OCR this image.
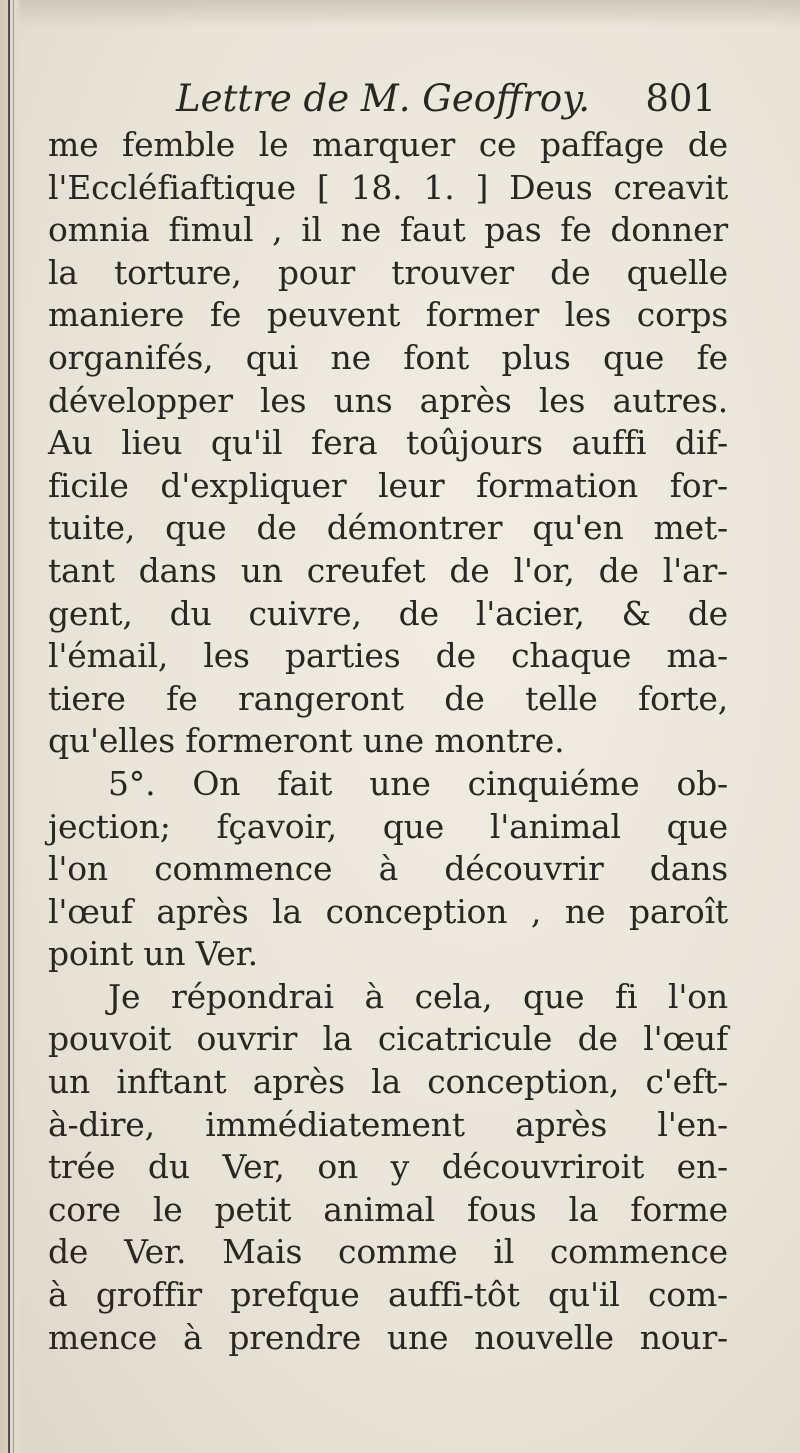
Lettre de M. Geoffroy. 801
me femble le marquer ce paffage de
l'Eccléfiaftique [ 18. 1. ] Deus creavit
omnia fimul , il ne faut pas fe donner
la torture, pour trouver de quelle
maniere fe peuvent former les corps
organifés, qui ne font plus que fe
développer les uns après les autres.
Au lieu qu'il fera toûjours auffi dif-
ficile d'expliquer leur formation for-
tuite, que de démontrer qu'en met-
tant dans un creufet de l'or, de l'ar-
gent, du cuivre, de l'acier, & de
l'émail, les parties de chaque ma-
tiere fe rangeront de telle forte,
qu'elles formeront une montre.
5°. On fait une cinquiéme ob-
jection; fçavoir, que l'animal que
l'on commence à découvrir dans
l'œuf après la conception , ne paroît
point un Ver.
Je répondrai à cela, que fi l'on
pouvoit ouvrir la cicatricule de l'œuf
un inftant après la conception, c'eft-
à-dire, immédiatement après l'en-
trée du Ver, on y découvriroit en-
core le petit animal fous la forme
de Ver. Mais comme il commence
à groffir prefque auffi-tôt qu'il com-
mence à prendre une nouvelle nour-
